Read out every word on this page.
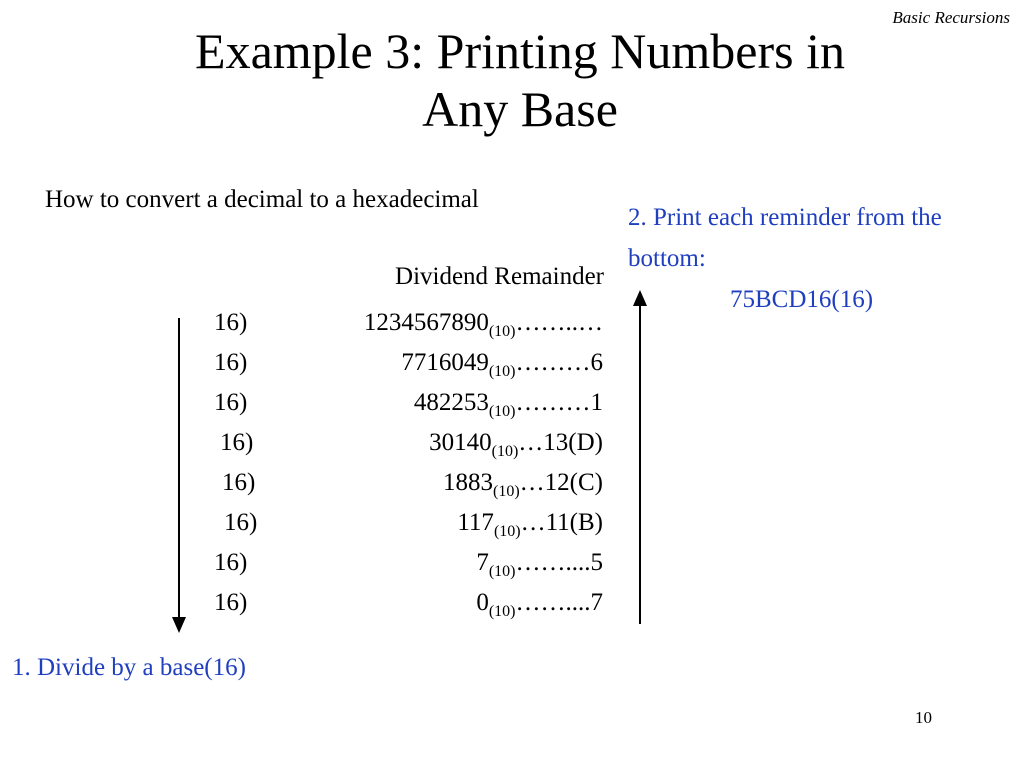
Basic Recursions
Example 3: Printing Numbers in
Any Base
How to convert a decimal to a hexadecimal
2. Print each reminder from the bottom:
75BCD16(16)
Dividend Remainder
16)	$1234567890_{(10)}\dots\dots..\dots$
16)	$7716049_{(10)}\dots\dots\dots 6$
16)	$482253_{(10)}\dots\dots\dots 1$
16)	$30140_{(10)}\dots 13(D)$
16)	$1883_{(10)}\dots 12(C)$
16)	$117_{(10)}\dots 11(B)$
16)	$7_{(10)}\dots\dots....5$
16)	$0_{(10)}\dots\dots....7$
1. Divide by a base(16)
10
